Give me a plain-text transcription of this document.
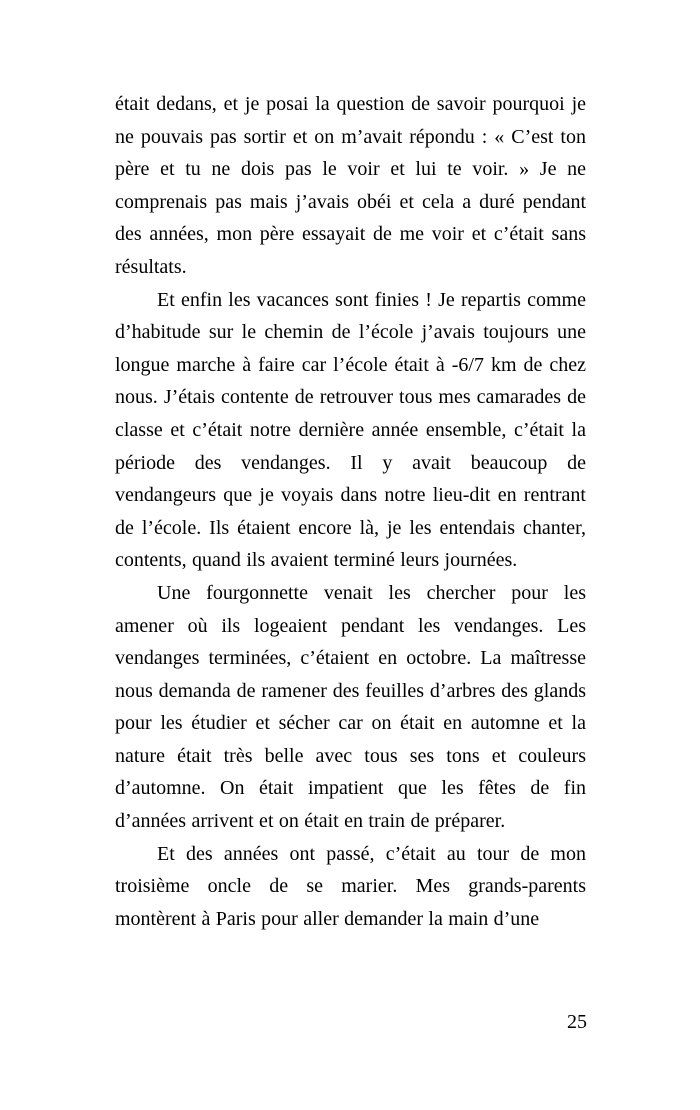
était dedans, et je posai la question de savoir pourquoi je ne pouvais pas sortir et on m’avait répondu : « C’est ton père et tu ne dois pas le voir et lui te voir. » Je ne comprenais pas mais j’avais obéi et cela a duré pendant des années, mon père essayait de me voir et c’était sans résultats.

Et enfin les vacances sont finies ! Je repartis comme d’habitude sur le chemin de l’école j’avais toujours une longue marche à faire car l’école était à -6/7 km de chez nous. J’étais contente de retrouver tous mes camarades de classe et c’était notre dernière année ensemble, c’était la période des vendanges. Il y avait beaucoup de vendangeurs que je voyais dans notre lieu-dit en rentrant de l’école. Ils étaient encore là, je les entendais chanter, contents, quand ils avaient terminé leurs journées.

Une fourgonnette venait les chercher pour les amener où ils logeaient pendant les vendanges. Les vendanges terminées, c’étaient en octobre. La maîtresse nous demanda de ramener des feuilles d’arbres des glands pour les étudier et sécher car on était en automne et la nature était très belle avec tous ses tons et couleurs d’automne. On était impatient que les fêtes de fin d’années arrivent et on était en train de préparer.

Et des années ont passé, c’était au tour de mon troisième oncle de se marier. Mes grands-parents montèrent à Paris pour aller demander la main d’une

25
